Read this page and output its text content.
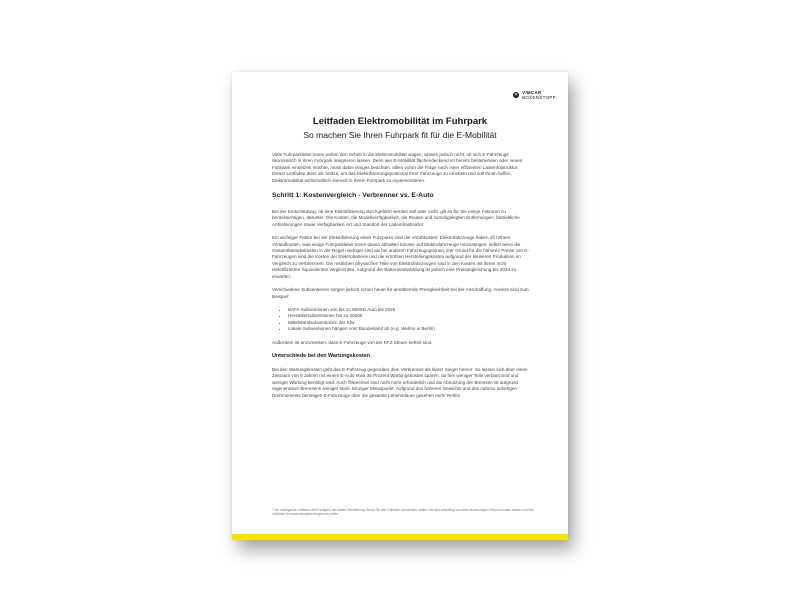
✕ VIMCAR
BOXENSTOPP
Leitfaden Elektromobilität im Fuhrpark
So machen Sie Ihren Fuhrpark fit für die E-Mobilität

Viele Fuhrparkleiter:innen wollen den Schritt in die Elektromobilität wagen, wissen jedoch nicht, ob sich E-Fahrzeuge ökonomisch in ihren Fuhrpark integrieren lassen. Denn wer E-Mobilität flächendeckend im bereits bestehenden oder neuen Fuhrpark einsetzen möchte, muss dabei einiges beachten, allem voran die Frage nach einer effizienten Ladeinfrastruktur. Dieser Leitfaden dient als Stütze, um das Elektrifizierungspotenzial Ihrer Fahrzeuge zu ermitteln und soll Ihnen helfen, Elektromobilität wirtschaftlich sinnvoll in Ihrem Fuhrpark zu implementieren.

Schritt 1: Kostenvergleich - Verbrenner vs. E-Auto

Bei der Entscheidung, ob eine Elektrifizierung durchgeführt werden soll oder nicht, gilt es für Sie einige Faktoren zu berücksichtigen, darunter: Die Kosten, die Modellverfügbarkeit, die Routen und zurückgelegten Entfernungen, betriebliche Anforderungen sowie Verfügbarkeit, Art und Standort der Ladeinfrastruktur.

Ein wichtiger Faktor bei der Elektrifizierung eines Fuhrparks sind die Vorabkosten: Elektrofahrzeuge haben oft höhere Vorlaufkosten, was einige Fuhrparkleiter:innen davon abhalten könnte, auf Elektrofahrzeuge umzusteigen, selbst wenn die Gesamtbetriebskosten in der Regel niedriger sind als bei anderen Fahrzeugoptionen. Der Grund für die höheren Preise von E-Fahrzeugen sind die Kosten der Elektrobatterie und die erhöhten Herstellungskosten aufgrund der kleineren Produktion im Vergleich zu Verbrennern. Die restlichen physischen Teile von Elektrofahrzeugen sind in den Kosten mit ihrem nicht elektrifizierten Äquivalenten vergleichbar. Aufgrund der Batterieentwicklung ist jedoch eine Preisangleichung bis 2024 zu erwarten.

Verschiedene Subventionen sorgen jedoch schon heute für annähernde Preisgleichheit bei der Anschaffung. Anreize sind zum Beispiel:

• BAFA Subventionen von bis zu 6000€/ Auto bis 2025
• Herstellersubventionen bis zu 3000€
• Mittelstandsubventionen der Kfw
• Lokale Subventionen hängen vom Bundesland ab (e.g. Welmo in Berlin)

Außerdem ist anzumerken, dass E-Fahrzeuge von der KFZ Steuer befreit sind.

Unterschiede bei den Wartungskosten

Bei den Wartungskosten geht das E-Fahrzeug gegenüber dem Verbrenner als klarer Sieger hervor: So lassen sich über einen Zeitraum von 5 Jahren mit einem E-Auto etwa 35 Prozent Wartungskosten sparen, da hier weniger Teile verbaut sind und weniger Wartung benötigt wird: Auch Ölwechsel sind nicht mehr erforderlich und die Abnutzung der Bremsen ist aufgrund regenerativer Bremsens weniger stark. Einziger Minuspunkt: Aufgrund des höheren Gewichts und des nahezu sofortigen Drehmoments benötigen E-Fahrzeuge über die gesamte Lebensdauer gesehen mehr Reifen.

* Der vorliegende Leitfaden dient lediglich der ersten Orientierung. Bevor Sie den Leitfaden verwenden, sollten Sie sich unbedingt von einer fachkundigen Person beraten lassen und ihre Leitfäden im Anwendungsfall eingehend prüfen.
